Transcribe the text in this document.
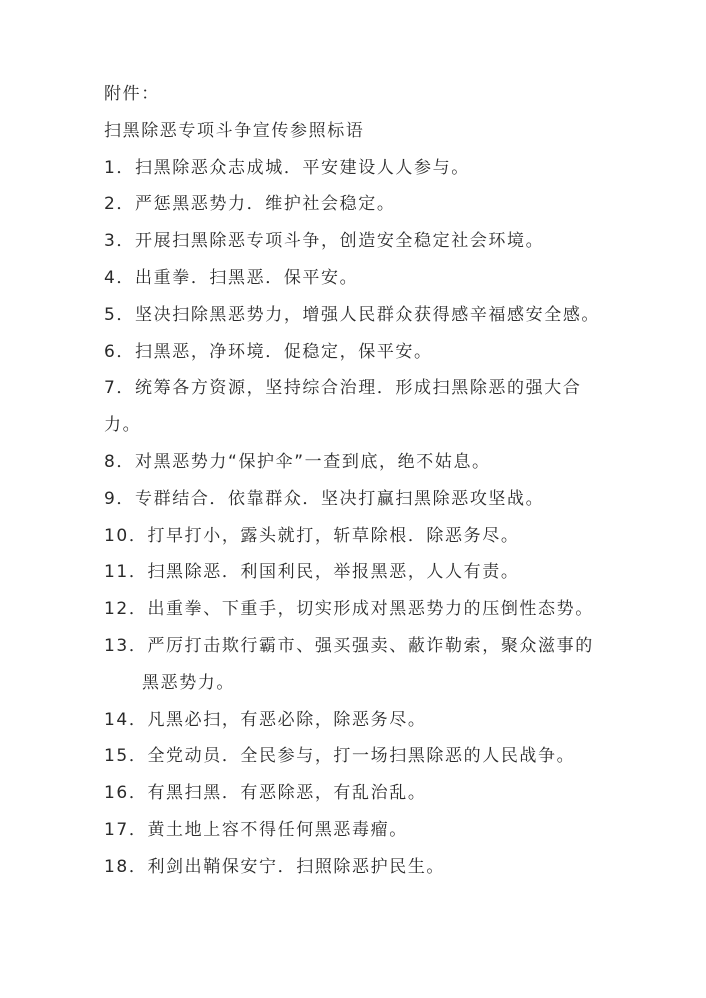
附件：
扫黑除恶专项斗争宣传参照标语
1．扫黑除恶众志成城．平安建设人人参与。
2．严惩黑恶势力．维护社会稳定。
3．开展扫黑除恶专项斗争，创造安全稳定社会环境。
4．出重拳．扫黑恶．保平安。
5．坚决扫除黑恶势力，增强人民群众获得感辛福感安全感。
6．扫黑恶，净环境．促稳定，保平安。
7．统筹各方资源，坚持综合治理．形成扫黑除恶的强大合
力。
8．对黑恶势力“保护伞”一查到底，绝不姑息。
9．专群结合．依靠群众．坚决打赢扫黑除恶攻坚战。
10．打早打小，露头就打，斩草除根．除恶务尽。
11．扫黑除恶．利国利民，举报黑恶，人人有责。
12．出重拳、下重手，切实形成对黑恶势力的压倒性态势。
13．严厉打击欺行霸市、强买强卖、蔽诈勒索，聚众滋事的
黑恶势力。
14．凡黑必扫，有恶必除，除恶务尽。
15．全党动员．全民参与，打一场扫黑除恶的人民战争。
16．有黑扫黑．有恶除恶，有乱治乱。
17．黄土地上容不得任何黑恶毒瘤。
18．利剑出鞘保安宁．扫照除恶护民生。
